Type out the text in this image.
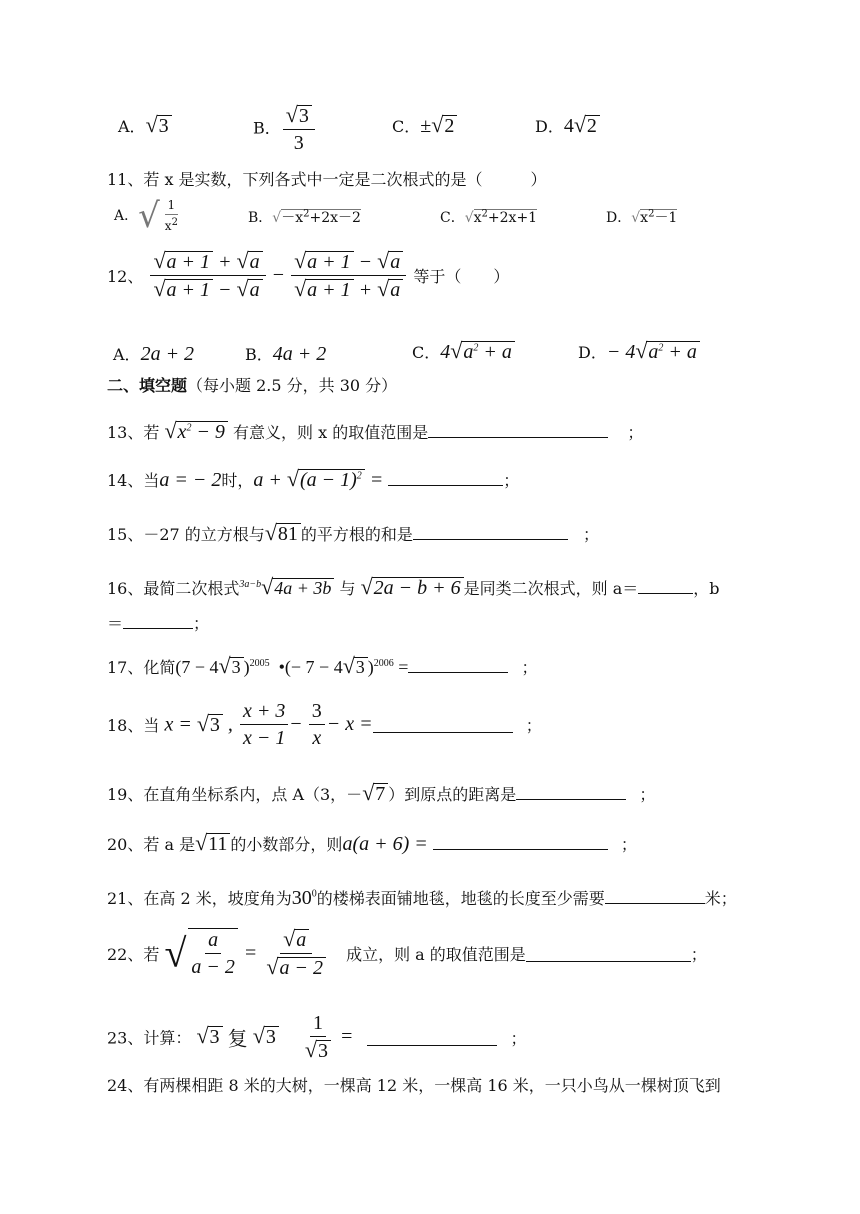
A．√3	B． $\frac{√3}{3}$	C．±√2	D．4√2
11、若 x 是实数，下列各式中一定是二次根式的是（　　　）
A．√ $\frac{1}{x^2}$	B．$√-x^2+2x-2$	C．$√x^2+2x+1$	D．$√x^2-1$
12、 $\frac{√a + 1 + √a}{√a + 1 - √a} - \frac{√a + 1 - √a}{√a + 1 + √a}$ 等于（　　）
A．2a + 2	B．4a + 2	C．$4√a^2 + a$	D．− $4√a^2 + a$
二、填空题（每小题 2.5 分，共 30 分）
13、若 $√x^2 - 9$ 有意义，则 x 的取值范围是	；
14、当a = − 2时，$a + √(a - 1)^2$ =	；
15、－27 的立方根与√81 的平方根的和是	；
16、最简二次根式$^{3a-b}$√4a + 3b 与 √2a − b + 6 是同类二次根式，则 a＝	，b
＝	；
17、化简(7 − 4√3 )$^{2005}$  •(− 7 − 4√3 )$^{2006}$ =	；
18、当 x = √3 , $\frac{x + 3}{x - 1} - \frac{3}{x} - x$ =	；
19、在直角坐标系内，点 A（3，－√7 ）到原点的距离是	；
20、若 a 是√11 的小数部分，则a(a + 6) =	；
21、在高 2 米，坡度角为$30^0$的楼梯表面铺地毯，地毯的长度至少需要	米；
22、若 √ $\frac{a}{a - 2} = \frac{√a}{√a - 2}$ 成立，则 a 的取值范围是	；
23、计算： √3 复 $√3 \frac{1}{√3}$ =	；
24、有两棵相距 8 米的大树，一棵高 12 米，一棵高 16 米，一只小鸟从一棵树顶飞到
